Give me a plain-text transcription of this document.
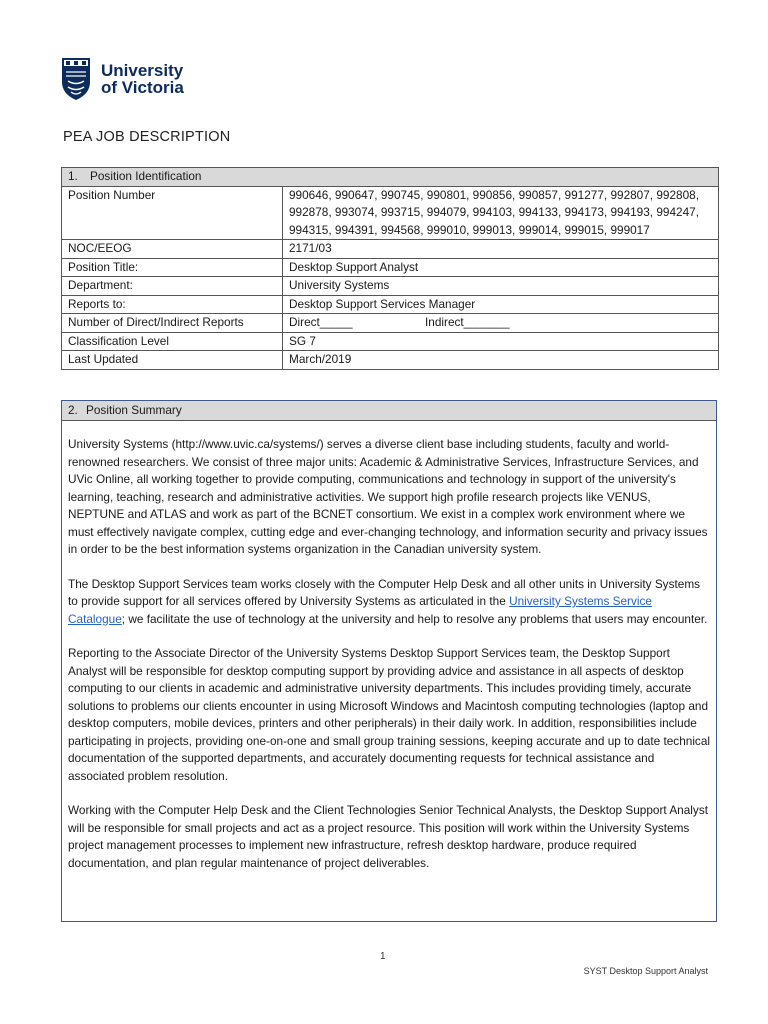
University
of Victoria
PEA JOB DESCRIPTION
1. Position Identification	
Position Number	990646, 990647, 990745, 990801, 990856, 990857, 991277, 992807, 992808, 992878, 993074, 993715, 994079, 994103, 994133, 994173, 994193, 994247, 994315, 994391, 994568, 999010, 999013, 999014, 999015, 999017
NOC/EEOG	2171/03
Position Title:	Desktop Support Analyst
Department:	University Systems
Reports to:	Desktop Support Services Manager
Number of Direct/Indirect Reports	Direct_____ Indirect_______
Classification Level	SG 7
Last Updated	March/2019
2. Position Summary

University Systems (http://www.uvic.ca/systems/) serves a diverse client base including students, faculty and world-renowned researchers. We consist of three major units: Academic & Administrative Services, Infrastructure Services, and UVic Online, all working together to provide computing, communications and technology in support of the university's learning, teaching, research and administrative activities. We support high profile research projects like VENUS, NEPTUNE and ATLAS and work as part of the BCNET consortium. We exist in a complex work environment where we must effectively navigate complex, cutting edge and ever-changing technology, and information security and privacy issues in order to be the best information systems organization in the Canadian university system.

The Desktop Support Services team works closely with the Computer Help Desk and all other units in University Systems to provide support for all services offered by University Systems as articulated in the University Systems Service Catalogue; we facilitate the use of technology at the university and help to resolve any problems that users may encounter.

Reporting to the Associate Director of the University Systems Desktop Support Services team, the Desktop Support Analyst will be responsible for desktop computing support by providing advice and assistance in all aspects of desktop computing to our clients in academic and administrative university departments. This includes providing timely, accurate solutions to problems our clients encounter in using Microsoft Windows and Macintosh computing technologies (laptop and desktop computers, mobile devices, printers and other peripherals) in their daily work. In addition, responsibilities include participating in projects, providing one-on-one and small group training sessions, keeping accurate and up to date technical documentation of the supported departments, and accurately documenting requests for technical assistance and associated problem resolution.

Working with the Computer Help Desk and the Client Technologies Senior Technical Analysts, the Desktop Support Analyst will be responsible for small projects and act as a project resource. This position will work within the University Systems project management processes to implement new infrastructure, refresh desktop hardware, produce required documentation, and plan regular maintenance of project deliverables.

1
SYST Desktop Support Analyst
